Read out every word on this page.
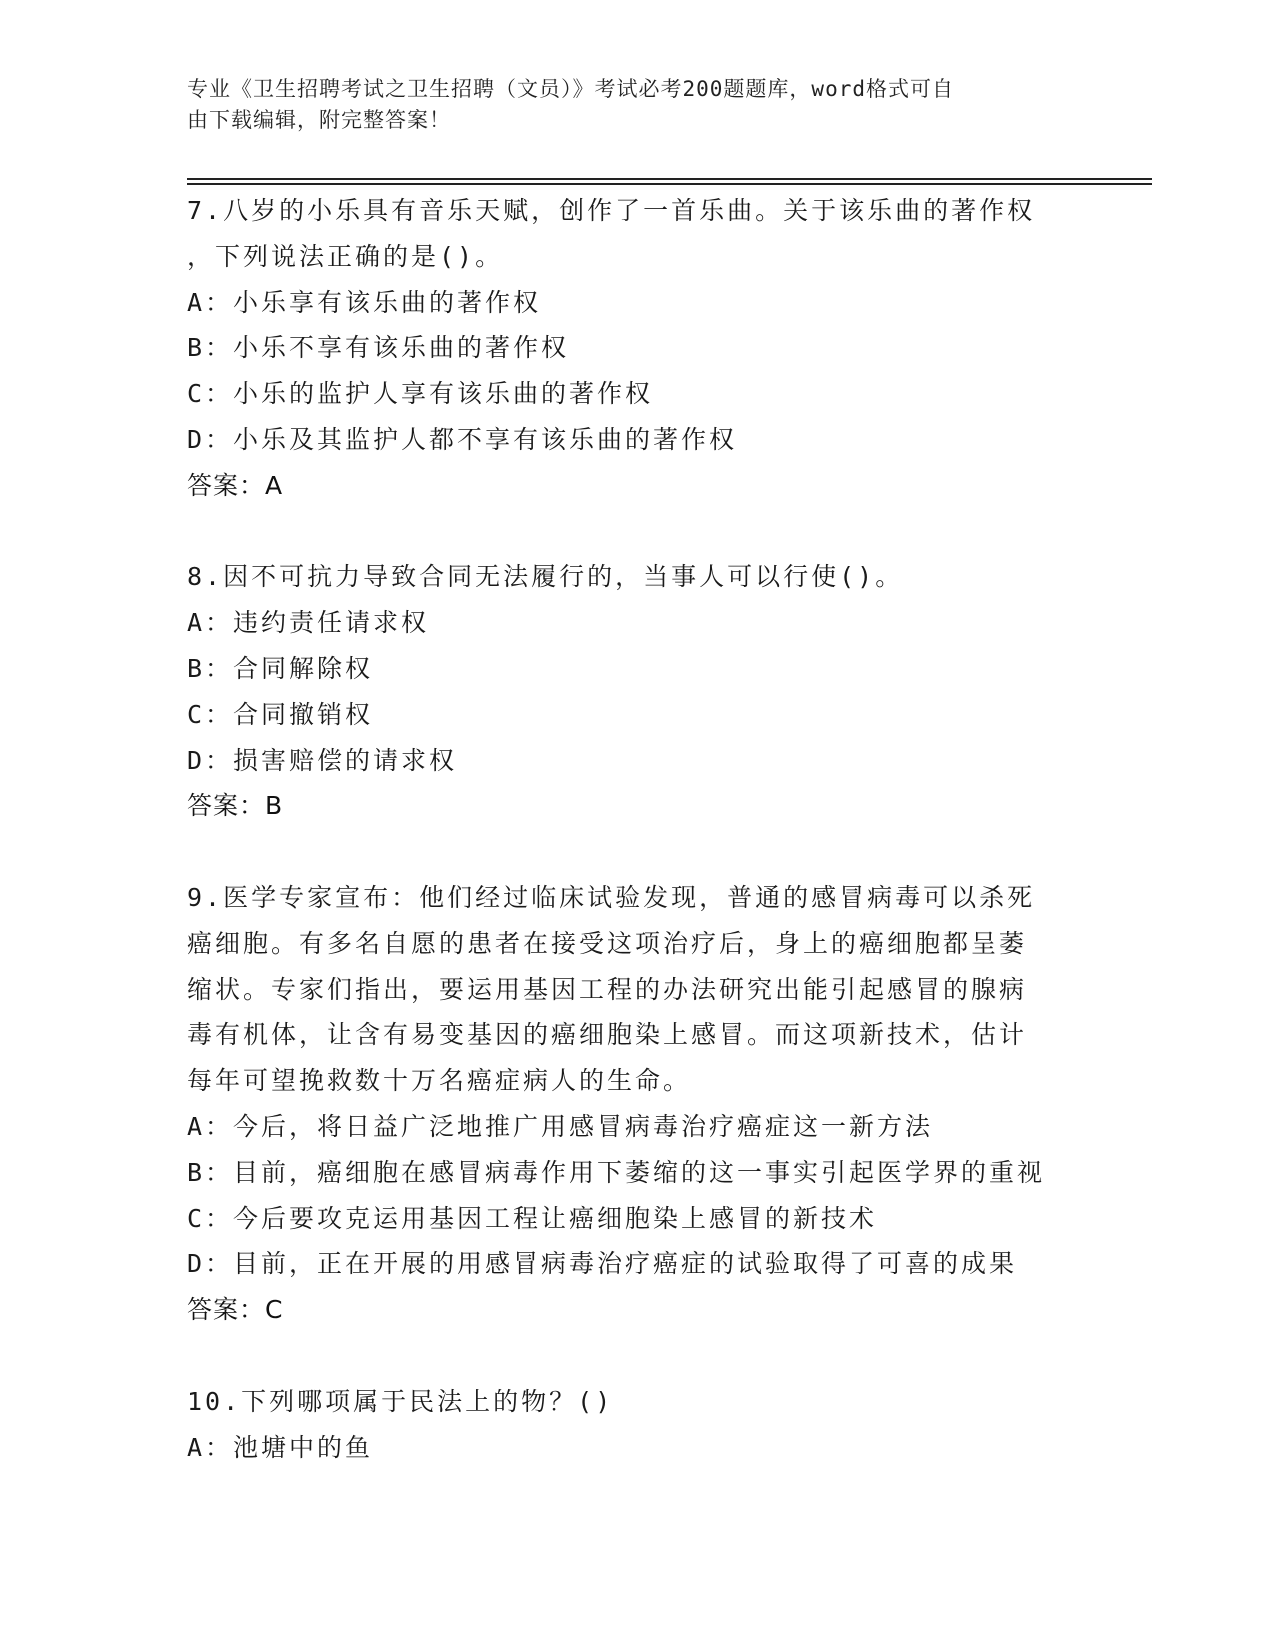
专业《卫生招聘考试之卫生招聘（文员）》考试必考200题题库，word格式可自
由下载编辑，附完整答案！
7.八岁的小乐具有音乐天赋，创作了一首乐曲。关于该乐曲的著作权
，下列说法正确的是()。
A：小乐享有该乐曲的著作权
B：小乐不享有该乐曲的著作权
C：小乐的监护人享有该乐曲的著作权
D：小乐及其监护人都不享有该乐曲的著作权
答案：A
8.因不可抗力导致合同无法履行的，当事人可以行使()。
A：违约责任请求权
B：合同解除权
C：合同撤销权
D：损害赔偿的请求权
答案：B
9.医学专家宣布：他们经过临床试验发现，普通的感冒病毒可以杀死
癌细胞。有多名自愿的患者在接受这项治疗后，身上的癌细胞都呈萎
缩状。专家们指出，要运用基因工程的办法研究出能引起感冒的腺病
毒有机体，让含有易变基因的癌细胞染上感冒。而这项新技术，估计
每年可望挽救数十万名癌症病人的生命。
A：今后，将日益广泛地推广用感冒病毒治疗癌症这一新方法
B：目前，癌细胞在感冒病毒作用下萎缩的这一事实引起医学界的重视
C：今后要攻克运用基因工程让癌细胞染上感冒的新技术
D：目前，正在开展的用感冒病毒治疗癌症的试验取得了可喜的成果
答案：C
10.下列哪项属于民法上的物？()
A：池塘中的鱼
